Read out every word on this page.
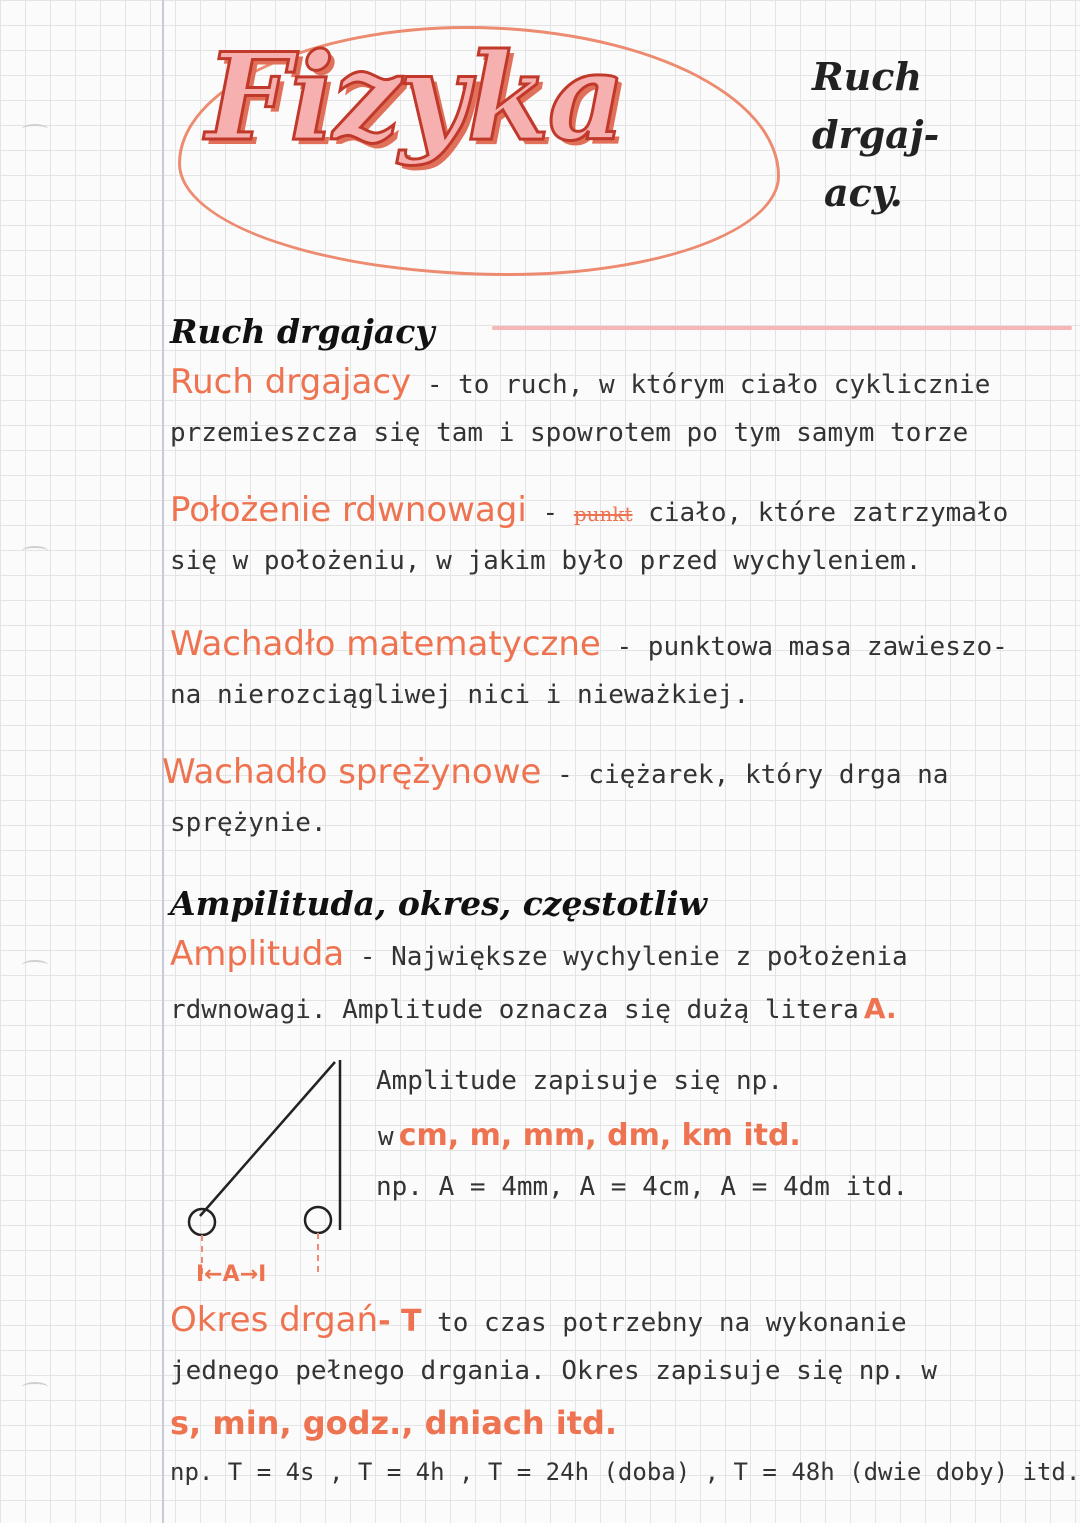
Fizyka	Ruch drgaj-
acy.
Ruch drgajacy
Ruch drgajacy - to ruch, w którym ciało cyklicznie
przemieszcza się tam i spowrotem po tym samym torze
Położenie rdwnowagi - punkt ciało, które zatrzymało
się w położeniu, w jakim było przed wychyleniem.
Wachadło matematyczne - punktowa masa zawieszo-
na nierozciągliwej nici i nieważkiej.
Wachadło sprężynowe - ciężarek, który drga na
sprężynie.
Ampilituda, okres, częstotliw
Amplituda - Największe wychylenie z położenia
rdwnowagi. Amplitude oznacza się dużą litera A.
I←A→I
Amplitude zapisuje się np.
w cm, m, mm, dm, km itd.
np. A = 4mm, A = 4cm, A = 4dm itd.
Okres drgań- T to czas potrzebny na wykonanie
jednego pełnego drgania. Okres zapisuje się np. w
s, min, godz., dniach itd.
np. T = 4s , T = 4h , T = 24h (doba) , T = 48h (dwie doby) itd.
